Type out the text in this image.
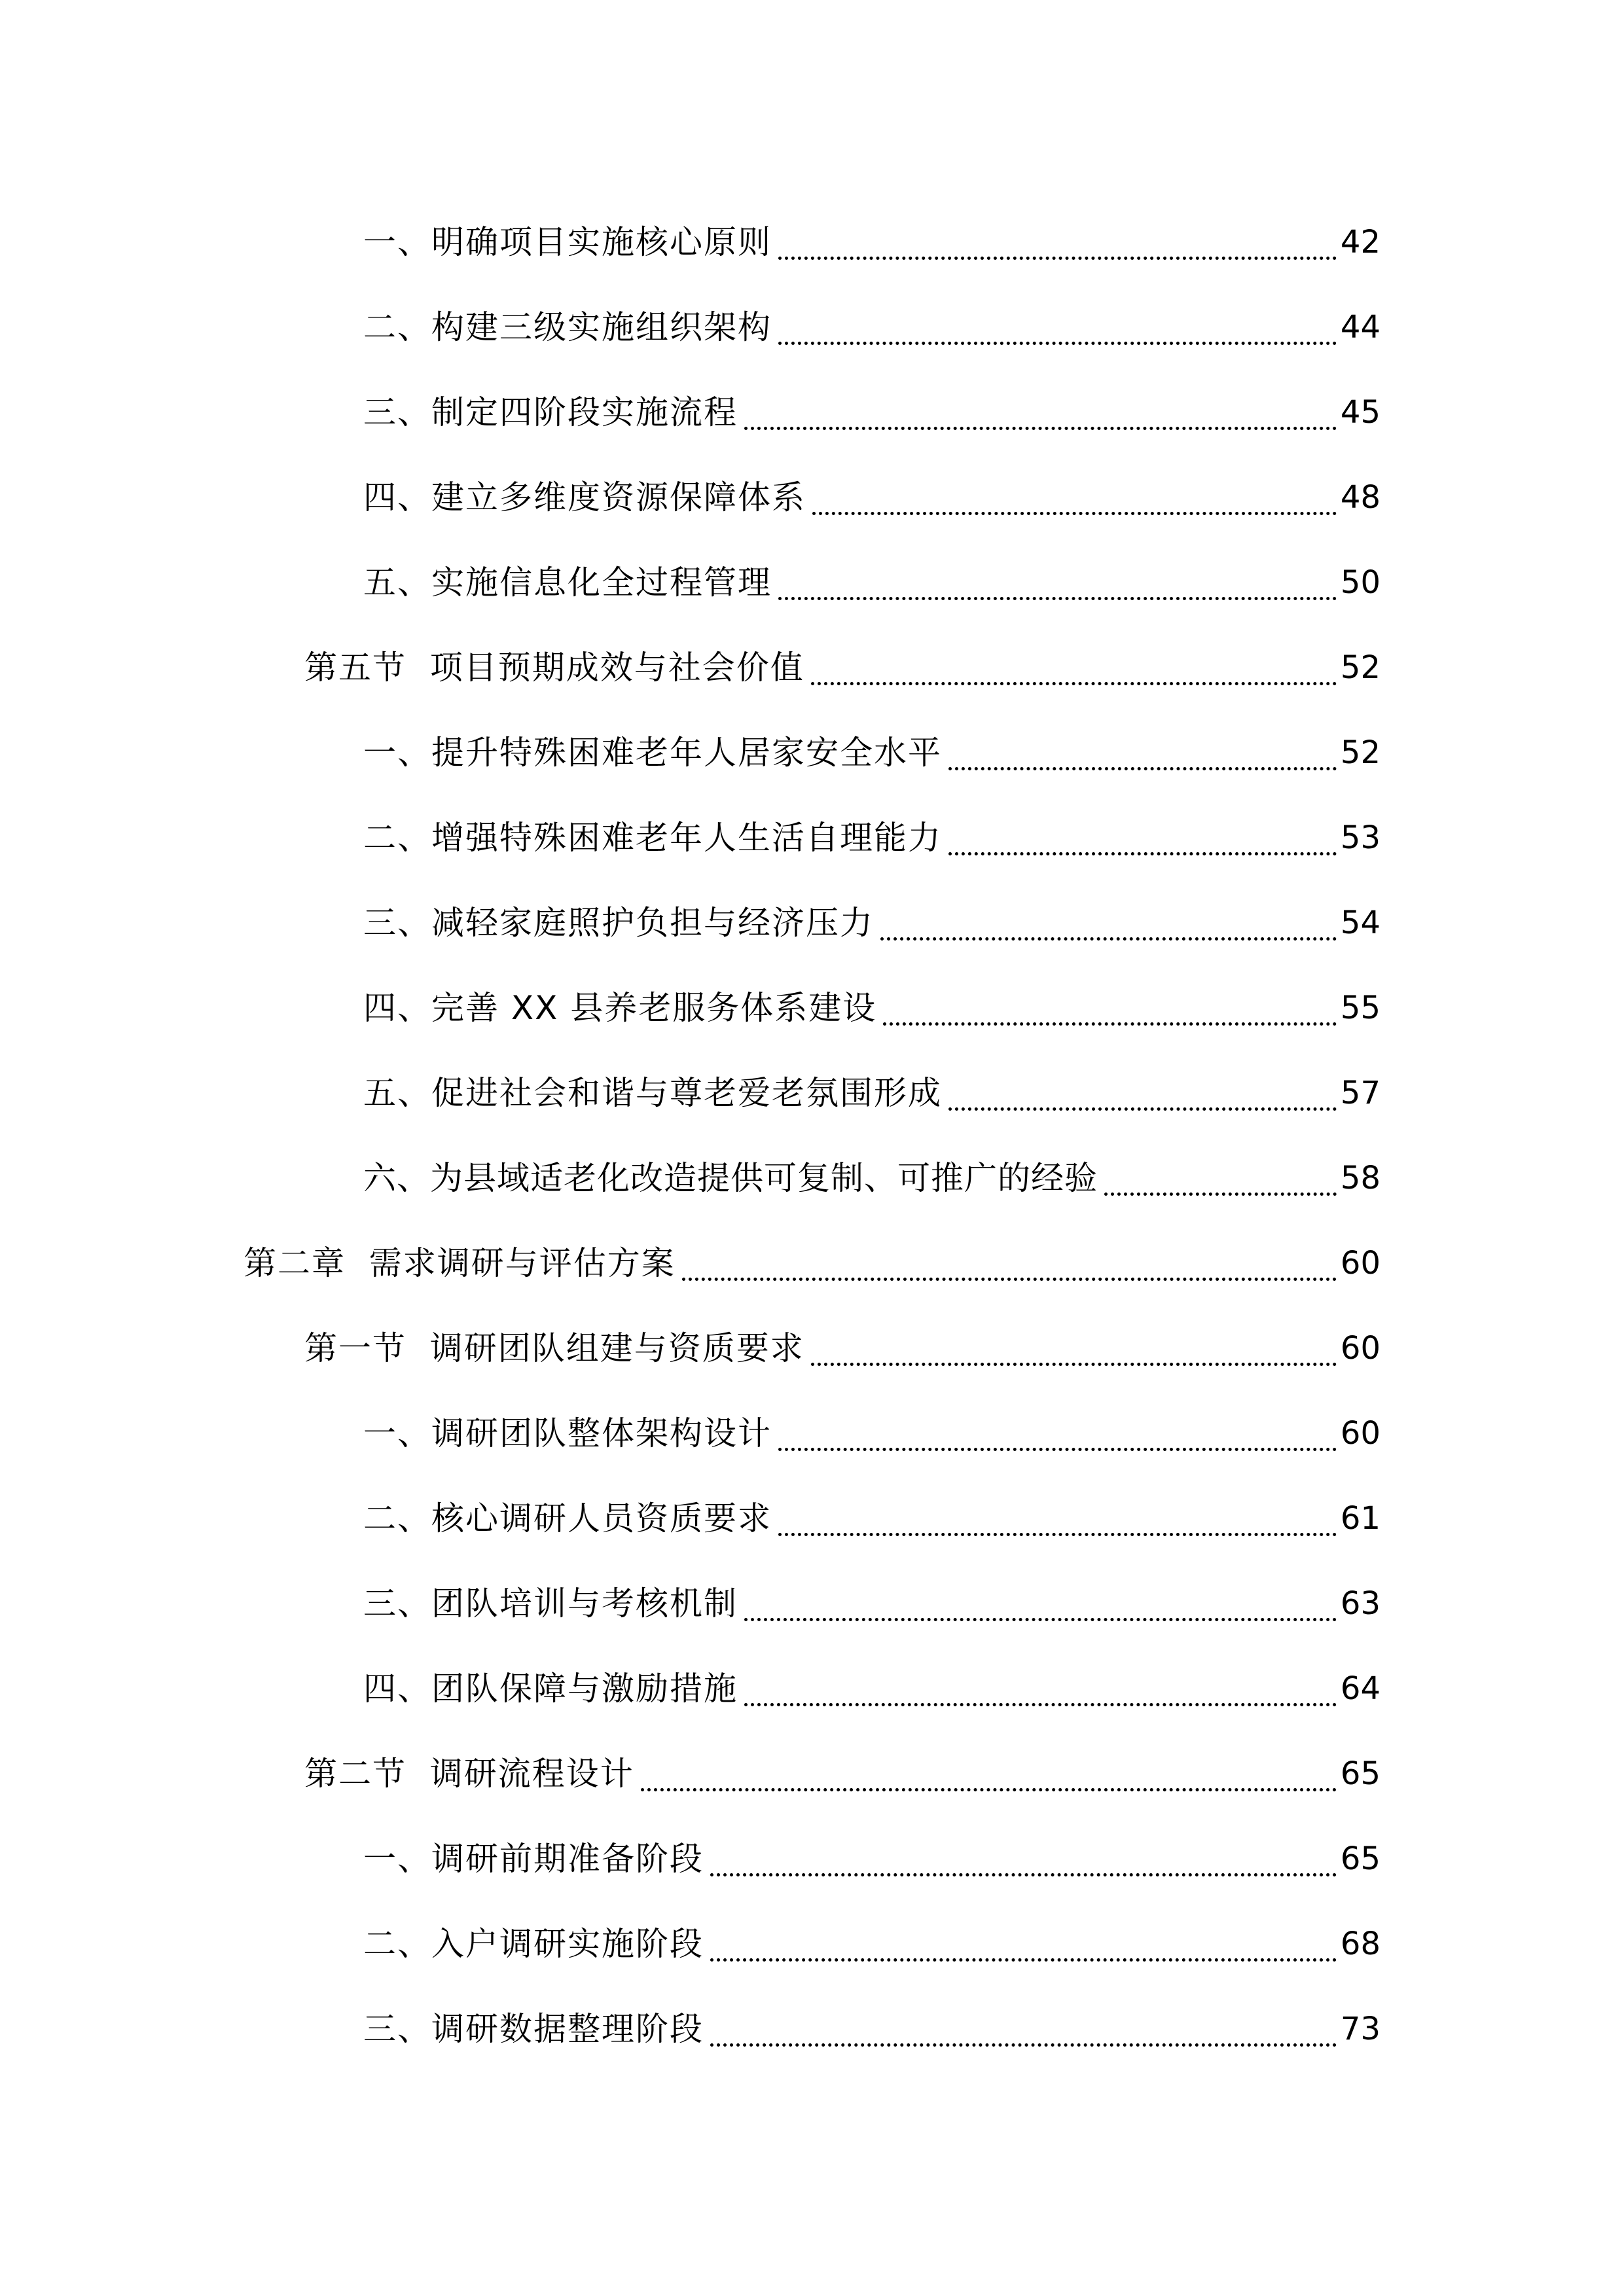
一、明确项目实施核心原则	42
二、构建三级实施组织架构	44
三、制定四阶段实施流程	45
四、建立多维度资源保障体系	48
五、实施信息化全过程管理	50
第五节  项目预期成效与社会价值	52
一、提升特殊困难老年人居家安全水平	52
二、增强特殊困难老年人生活自理能力	53
三、减轻家庭照护负担与经济压力	54
四、完善 XX 县养老服务体系建设	55
五、促进社会和谐与尊老爱老氛围形成	57
六、为县域适老化改造提供可复制、可推广的经验	58
第二章  需求调研与评估方案	60
第一节  调研团队组建与资质要求	60
一、调研团队整体架构设计	60
二、核心调研人员资质要求	61
三、团队培训与考核机制	63
四、团队保障与激励措施	64
第二节  调研流程设计	65
一、调研前期准备阶段	65
二、入户调研实施阶段	68
三、调研数据整理阶段	73
